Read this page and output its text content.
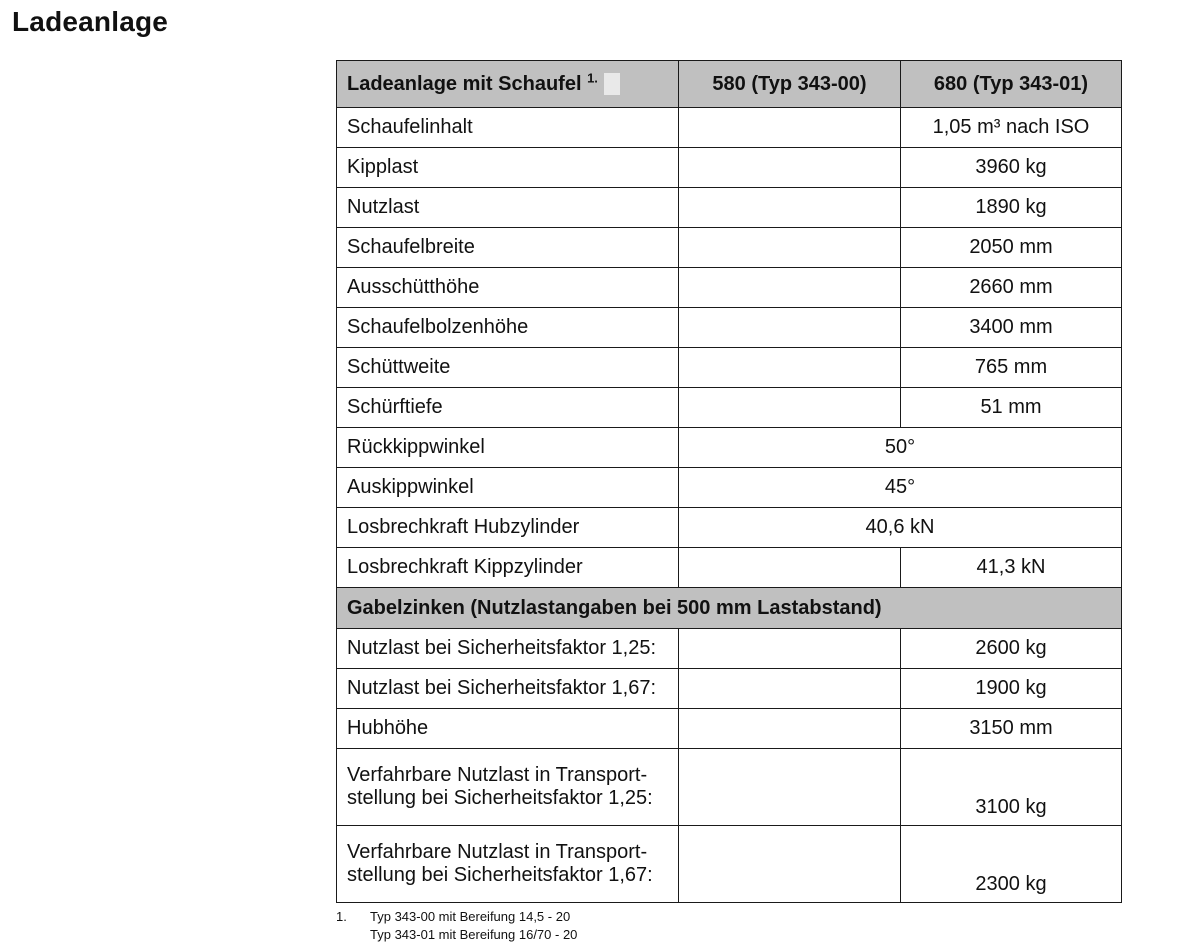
Ladeanlage
Ladeanlage mit Schaufel $^{1.}$	580 (Typ 343-00)	680 (Typ 343-01)
Schaufelinhalt		1,05 m³ nach ISO
Kipplast		3960 kg
Nutzlast		1890 kg
Schaufelbreite		2050 mm
Ausschütthöhe		2660 mm
Schaufelbolzenhöhe		3400 mm
Schüttweite		765 mm
Schürftiefe		51 mm
Rückkippwinkel	50°	
Auskippwinkel	45°	
Losbrechkraft Hubzylinder	40,6 kN	
Losbrechkraft Kippzylinder		41,3 kN
Gabelzinken (Nutzlastangaben bei 500 mm Lastabstand)		
Nutzlast bei Sicherheitsfaktor 1,25:		2600 kg
Nutzlast bei Sicherheitsfaktor 1,67:		1900 kg
Hubhöhe		3150 mm

Verfahrbare Nutzlast in Transport-
stellung bei Sicherheitsfaktor 1,25:		3100 kg

Verfahrbare Nutzlast in Transport-
stellung bei Sicherheitsfaktor 1,67:		2300 kg
1. Typ 343-00 mit Bereifung 14,5 - 20
Typ 343-01 mit Bereifung 16/70 - 20
